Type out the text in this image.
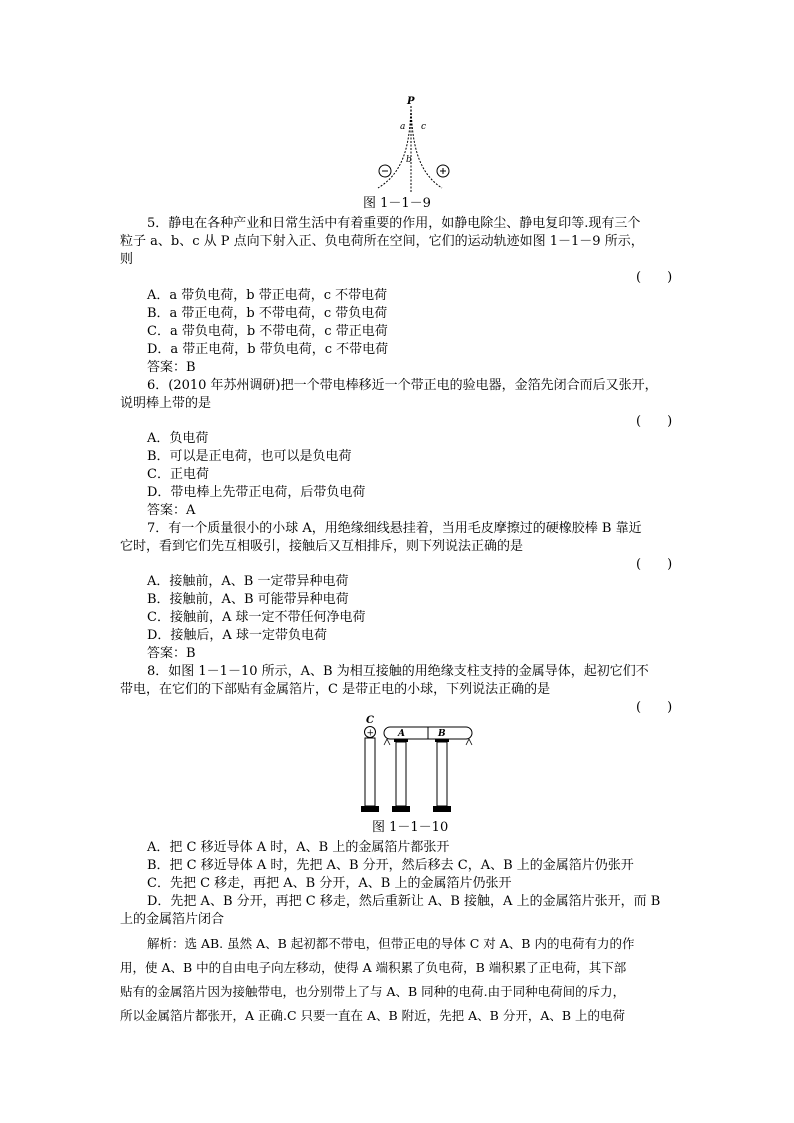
P
a c
b
图 1－1－9
5．静电在各种产业和日常生活中有着重要的作用，如静电除尘、静电复印等.现有三个
粒子 a、b、c 从 P 点向下射入正、负电荷所在空间，它们的运动轨迹如图 1－1－9 所示，
则
(　　)
A．a 带负电荷，b 带正电荷，c 不带电荷
B．a 带正电荷，b 不带电荷，c 带负电荷
C．a 带负电荷，b 不带电荷，c 带正电荷
D．a 带正电荷，b 带负电荷，c 不带电荷
答案：B
6．(2010 年苏州调研)把一个带电棒移近一个带正电的验电器，金箔先闭合而后又张开，
说明棒上带的是
(　　)
A．负电荷
B．可以是正电荷，也可以是负电荷
C．正电荷
D．带电棒上先带正电荷，后带负电荷
答案：A
7．有一个质量很小的小球 A，用绝缘细线悬挂着，当用毛皮摩擦过的硬橡胶棒 B 靠近
它时，看到它们先互相吸引，接触后又互相排斥，则下列说法正确的是
(　　)
A．接触前，A、B 一定带异种电荷
B．接触前，A、B 可能带异种电荷
C．接触前，A 球一定不带任何净电荷
D．接触后，A 球一定带负电荷
答案：B
8．如图 1－1－10 所示，A、B 为相互接触的用绝缘支柱支持的金属导体，起初它们不
带电，在它们的下部贴有金属箔片，C 是带正电的小球，下列说法正确的是
(　　)
C
+	A	B
图 1－1－10
A．把 C 移近导体 A 时，A、B 上的金属箔片都张开
B．把 C 移近导体 A 时，先把 A、B 分开，然后移去 C，A、B 上的金属箔片仍张开
C．先把 C 移走，再把 A、B 分开，A、B 上的金属箔片仍张开
D．先把 A、B 分开，再把 C 移走，然后重新让 A、B 接触，A 上的金属箔片张开，而 B
上的金属箔片闭合
解析：选 AB. 虽然 A、B 起初都不带电，但带正电的导体 C 对 A、B 内的电荷有力的作
用，使 A、B 中的自由电子向左移动，使得 A 端积累了负电荷，B 端积累了正电荷，其下部
贴有的金属箔片因为接触带电，也分别带上了与 A、B 同种的电荷.由于同种电荷间的斥力，
所以金属箔片都张开，A 正确.C 只要一直在 A、B 附近，先把 A、B 分开，A、B 上的电荷
